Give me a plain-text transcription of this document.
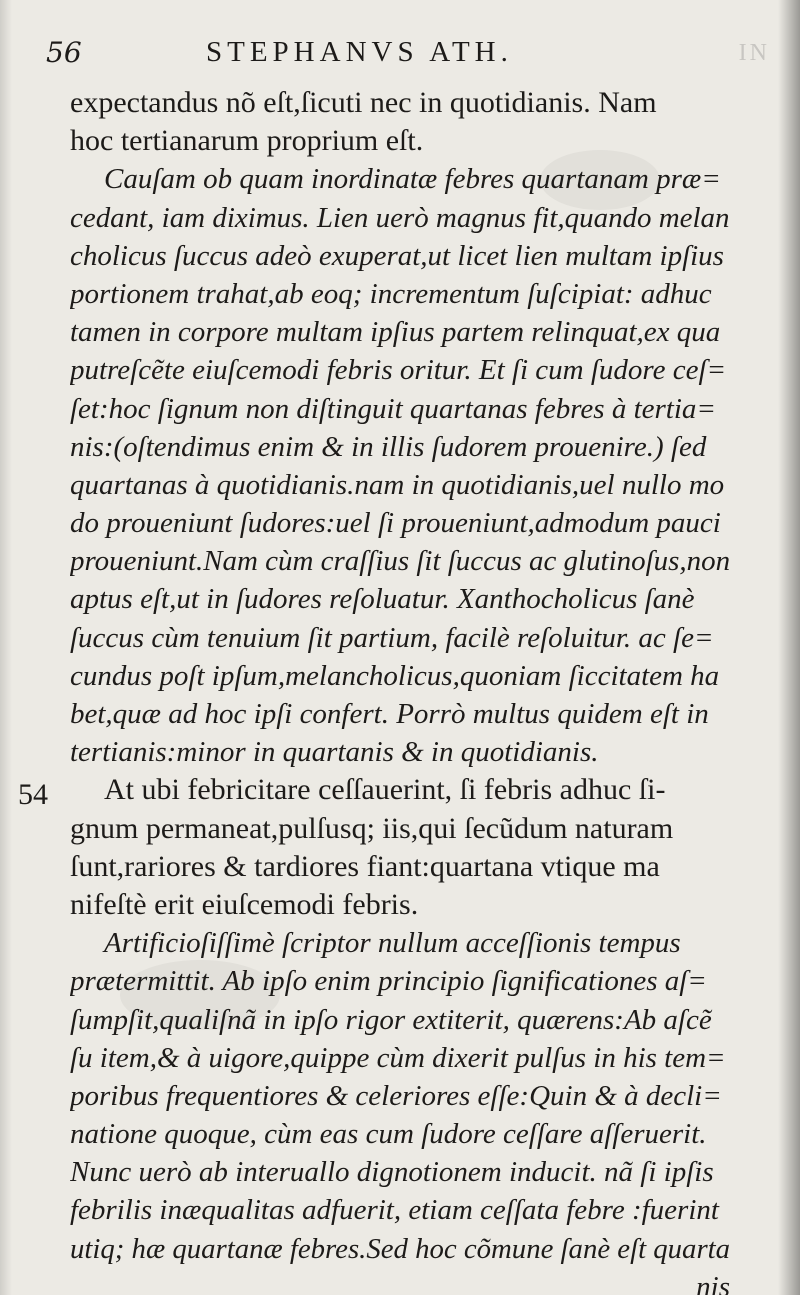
56	STEPHANVS ATH.	IN
54
expectandus nõ eſt,ſicuti nec in quotidianis. Nam
hoc tertianarum proprium eſt.
Cauſam ob quam inordinatæ febres quartanam præ=
cedant, iam diximus. Lien uerò magnus fit,quando melan
cholicus ſuccus adeò exuperat,ut licet lien multam ipſius
portionem trahat,ab eoq; incrementum ſuſcipiat: adhuc
tamen in corpore multam ipſius partem relinquat,ex qua
putreſcẽte eiuſcemodi febris oritur. Et ſi cum ſudore ceſ=
ſet:hoc ſignum non diſtinguit quartanas febres à tertia=
nis:(oſtendimus enim & in illis ſudorem prouenire.) ſed
quartanas à quotidianis.nam in quotidianis,uel nullo mo
do proueniunt ſudores:uel ſi proueniunt,admodum pauci
proueniunt.Nam cùm craſſius ſit ſuccus ac glutinoſus,non
aptus eſt,ut in ſudores reſoluatur. Xanthocholicus ſanè
ſuccus cùm tenuium ſit partium, facilè reſoluitur. ac ſe=
cundus poſt ipſum,melancholicus,quoniam ſiccitatem ha
bet,quæ ad hoc ipſi confert. Porrò multus quidem eſt in
tertianis:minor in quartanis & in quotidianis.
At ubi febricitare ceſſauerint, ſi febris adhuc ſi-
gnum permaneat,pulſusq; iis,qui ſecũdum naturam
ſunt,rariores & tardiores fiant:quartana vtique ma
nifeſtè erit eiuſcemodi febris.
Artificioſiſſimè ſcriptor nullum acceſſionis tempus
prætermittit. Ab ipſo enim principio ſignificationes aſ=
ſumpſit,qualiſnã in ipſo rigor extiterit, quærens:Ab aſcẽ
ſu item,& à uigore,quippe cùm dixerit pulſus in his tem=
poribus frequentiores & celeriores eſſe:Quin & à decli=
natione quoque, cùm eas cum ſudore ceſſare aſſeruerit.
Nunc uerò ab interuallo dignotionem inducit. nã ſi ipſis
febrilis inæqualitas adfuerit, etiam ceſſata febre :fuerint
utiq; hæ quartanæ febres.Sed hoc cõmune ſanè eſt quarta
nis
